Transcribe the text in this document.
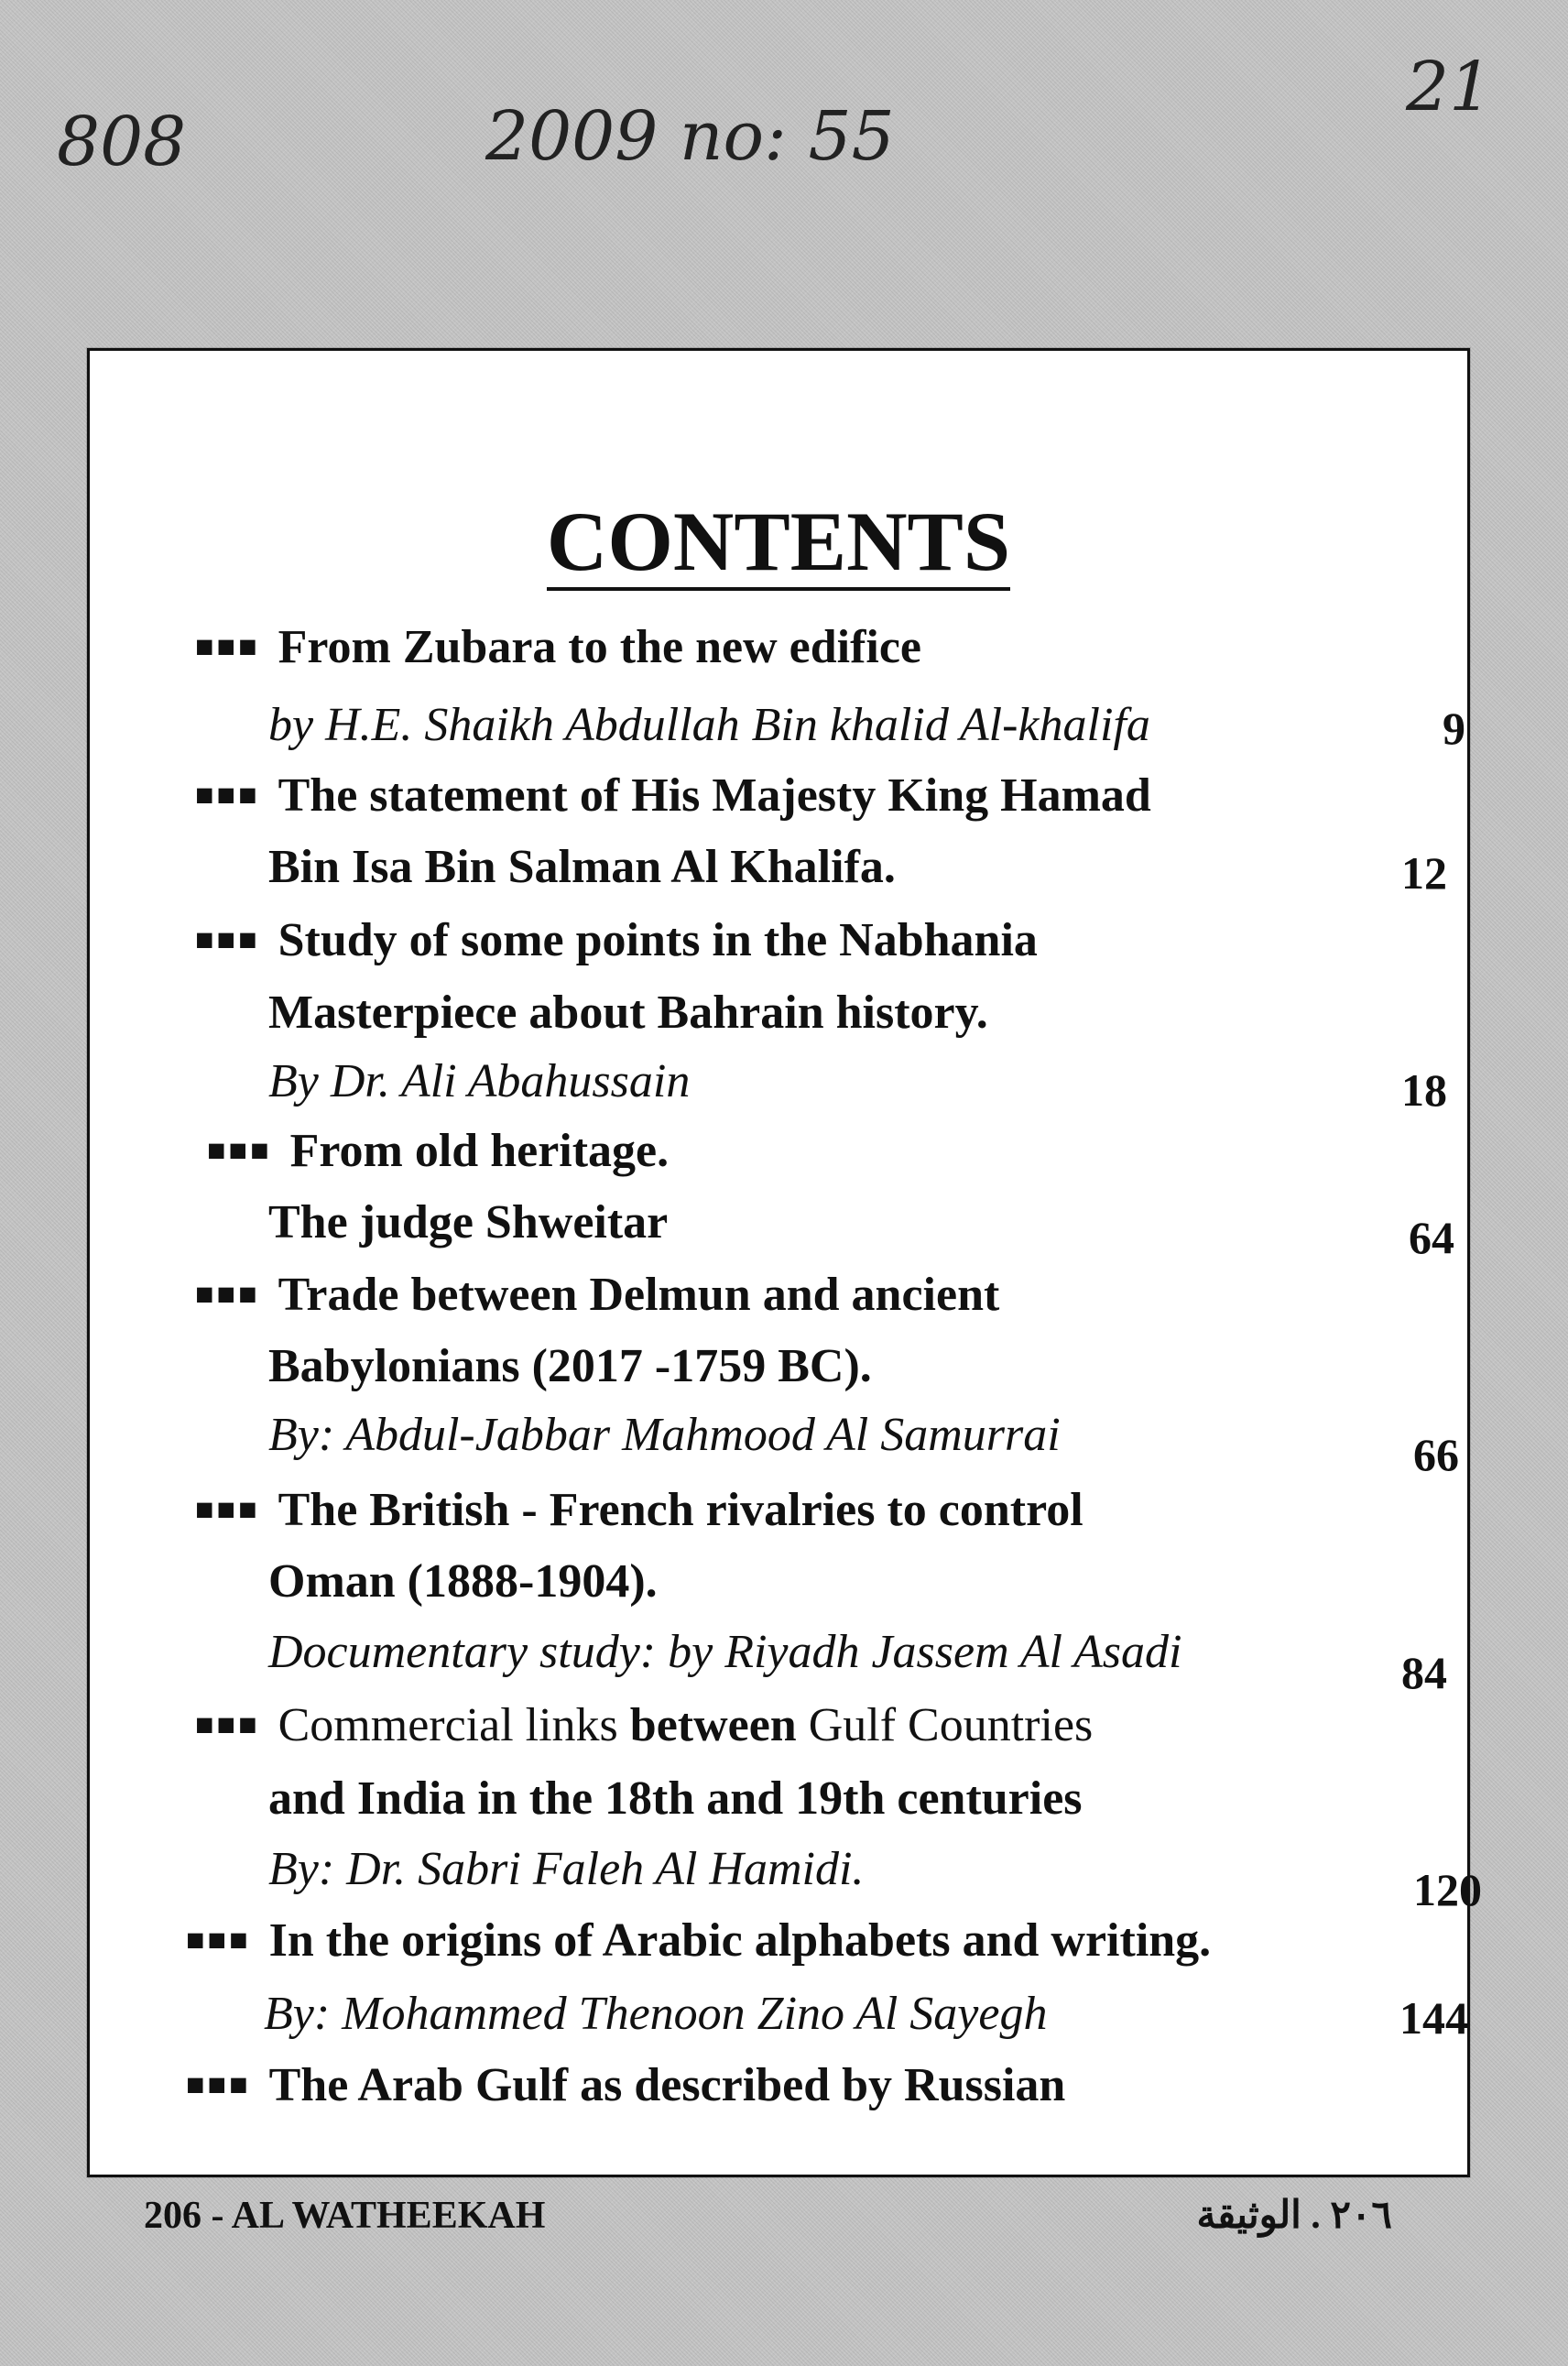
808	2009 no: 55
21
CONTENTS
■■■ From Zubara to the new edifice
by H.E. Shaikh Abdullah Bin khalid Al-khalifa	9
■■■ The statement of His Majesty King Hamad
Bin Isa Bin Salman Al Khalifa.	12
■■■ Study of some points in the Nabhania
Masterpiece about Bahrain history.
By Dr. Ali Abahussain	18
■■■ From old heritage.
The judge Shweitar	64
■■■ Trade between Delmun and ancient
Babylonians (2017 -1759 BC).
By: Abdul-Jabbar Mahmood Al Samurrai	66
■■■ The British - French rivalries to control
Oman (1888-1904).
Documentary study: by Riyadh Jassem Al Asadi	84
■■■ Commercial links between Gulf Countries
and India in the 18th and 19th centuries
By: Dr. Sabri Faleh Al Hamidi.	120
■■■ In the origins of Arabic alphabets and writing.
By: Mohammed Thenoon Zino Al Sayegh	144
■■■ The Arab Gulf as described by Russian
206 - AL WATHEEKAH	٢٠٦ . الوثيقة
